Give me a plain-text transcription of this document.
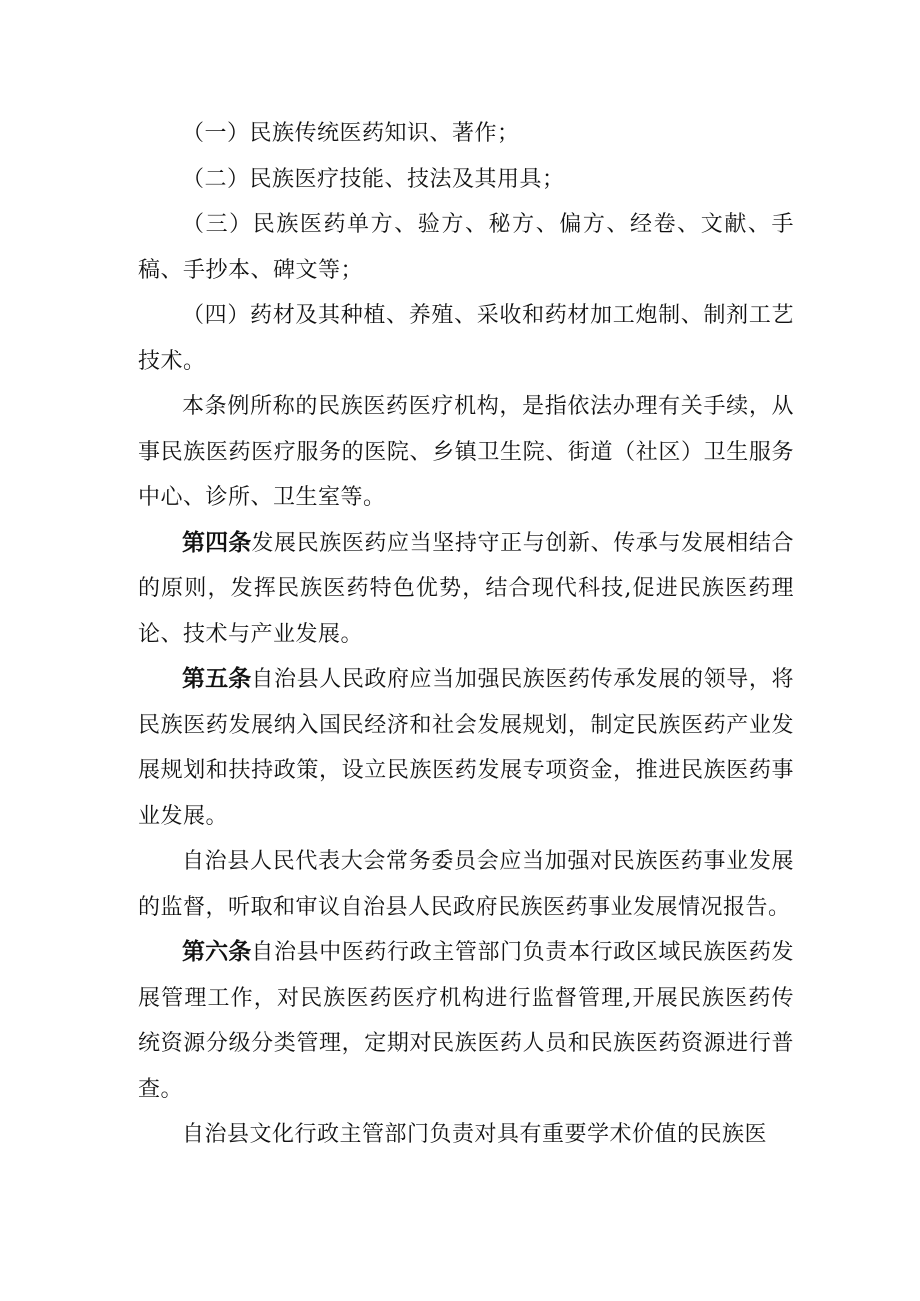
（一）民族传统医药知识、著作；

（二）民族医疗技能、技法及其用具；

（三）民族医药单方、验方、秘方、偏方、经卷、文献、手稿、手抄本、碑文等；

（四）药材及其种植、养殖、采收和药材加工炮制、制剂工艺技术。

本条例所称的民族医药医疗机构，是指依法办理有关手续，从事民族医药医疗服务的医院、乡镇卫生院、街道（社区）卫生服务中心、诊所、卫生室等。

第四条发展民族医药应当坚持守正与创新、传承与发展相结合的原则，发挥民族医药特色优势，结合现代科技,促进民族医药理论、技术与产业发展。

第五条自治县人民政府应当加强民族医药传承发展的领导，将民族医药发展纳入国民经济和社会发展规划，制定民族医药产业发展规划和扶持政策，设立民族医药发展专项资金，推进民族医药事业发展。

自治县人民代表大会常务委员会应当加强对民族医药事业发展的监督，听取和审议自治县人民政府民族医药事业发展情况报告。

第六条自治县中医药行政主管部门负责本行政区域民族医药发展管理工作，对民族医药医疗机构进行监督管理,开展民族医药传统资源分级分类管理，定期对民族医药人员和民族医药资源进行普查。

自治县文化行政主管部门负责对具有重要学术价值的民族医
